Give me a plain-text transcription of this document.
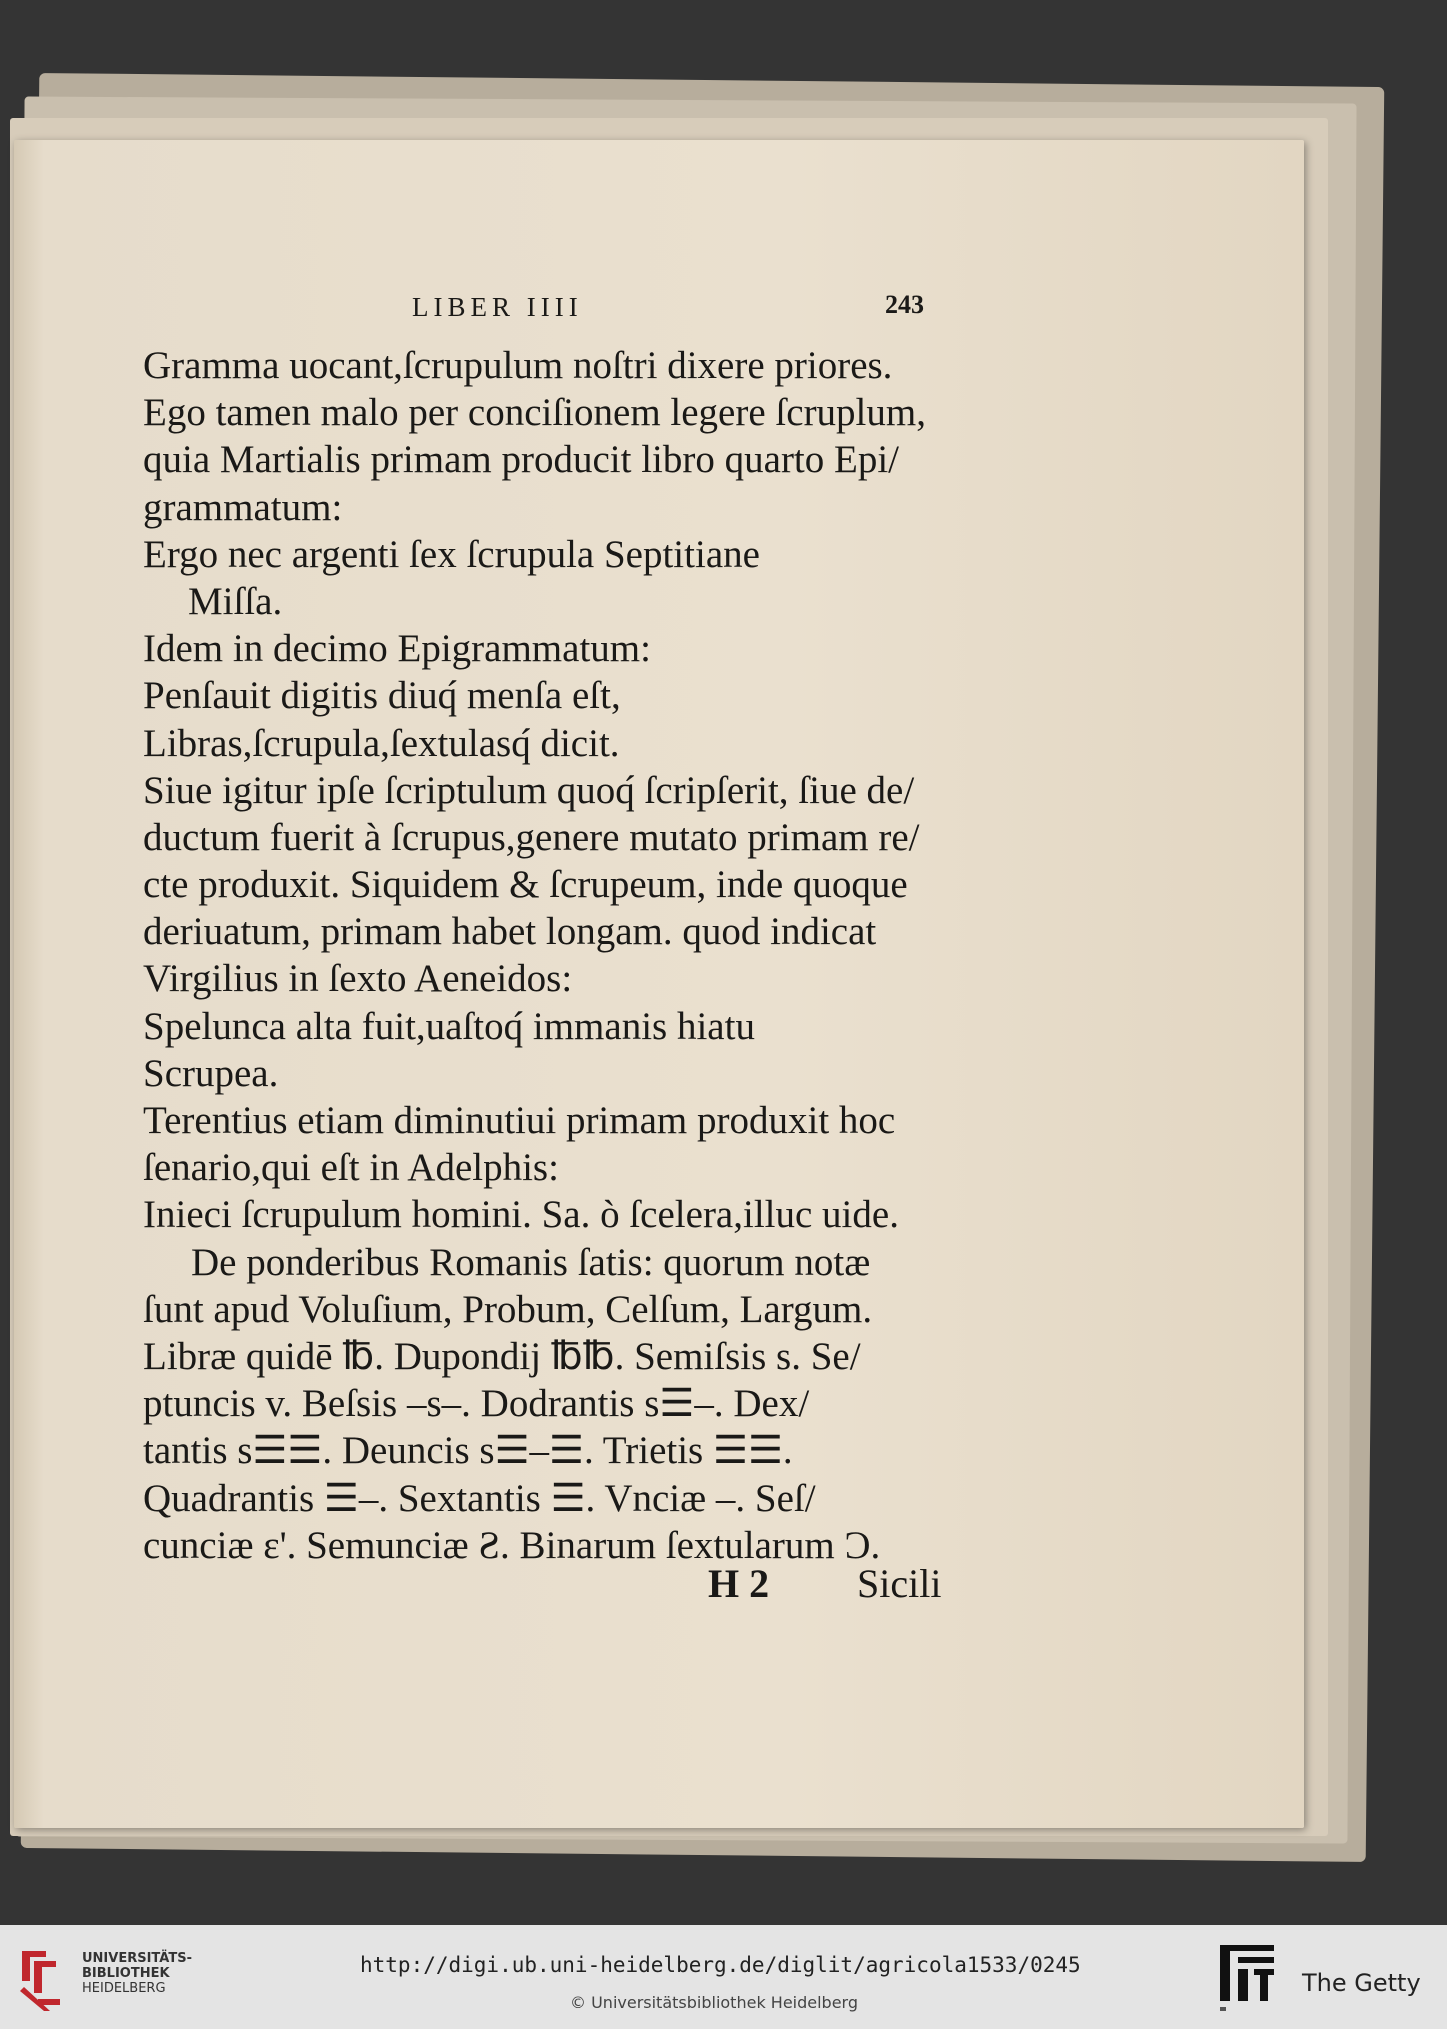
LIBER IIII	243
Gramma uocant,ſcrupulum noſtri dixere priores.
Ego tamen malo per conciſionem legere ſcruplum,
quia Martialis primam producit libro quarto Epi/
grammatum:
Ergo nec argenti ſex ſcrupula Septitiane
Miſſa.
Idem in decimo Epigrammatum:
Penſauit digitis diuq́ menſa eſt,
Libras,ſcrupula,ſextulasq́ dicit.
Siue igitur ipſe ſcriptulum quoq́ ſcripſerit, ſiue de/
ductum fuerit à ſcrupus,genere mutato primam re/
cte produxit. Siquidem & ſcrupeum, inde quoque
deriuatum, primam habet longam. quod indicat
Virgilius in ſexto Aeneidos:
Spelunca alta fuit,uaſtoq́ immanis hiatu
Scrupea.
Terentius etiam diminutiui primam produxit hoc
ſenario,qui eſt in Adelphis:
Inieci ſcrupulum homini. Sa. ò ſcelera,illuc uide.
De ponderibus Romanis ſatis: quorum notæ
ſunt apud Voluſium, Probum, Celſum, Largum.
Libræ quidē ℔. Dupondij ℔℔. Semiſsis s. Se/
ptuncis v. Beſsis –s–. Dodrantis s☰–. Dex/
tantis s☰☰. Deuncis s☰–☰. Trietis ☰☰.
Quadrantis ☰–. Sextantis ☰. Vnciæ –. Seſ/
cunciæ ε'. Semunciæ Ƨ. Binarum ſextularum Ɔ.
H 2 Sicili
UNIVERSITÄTS-
BIBLIOTHEK
HEIDELBERG
http://digi.ub.uni-heidelberg.de/diglit/agricola1533/0245
© Universitätsbibliothek Heidelberg
The Getty
